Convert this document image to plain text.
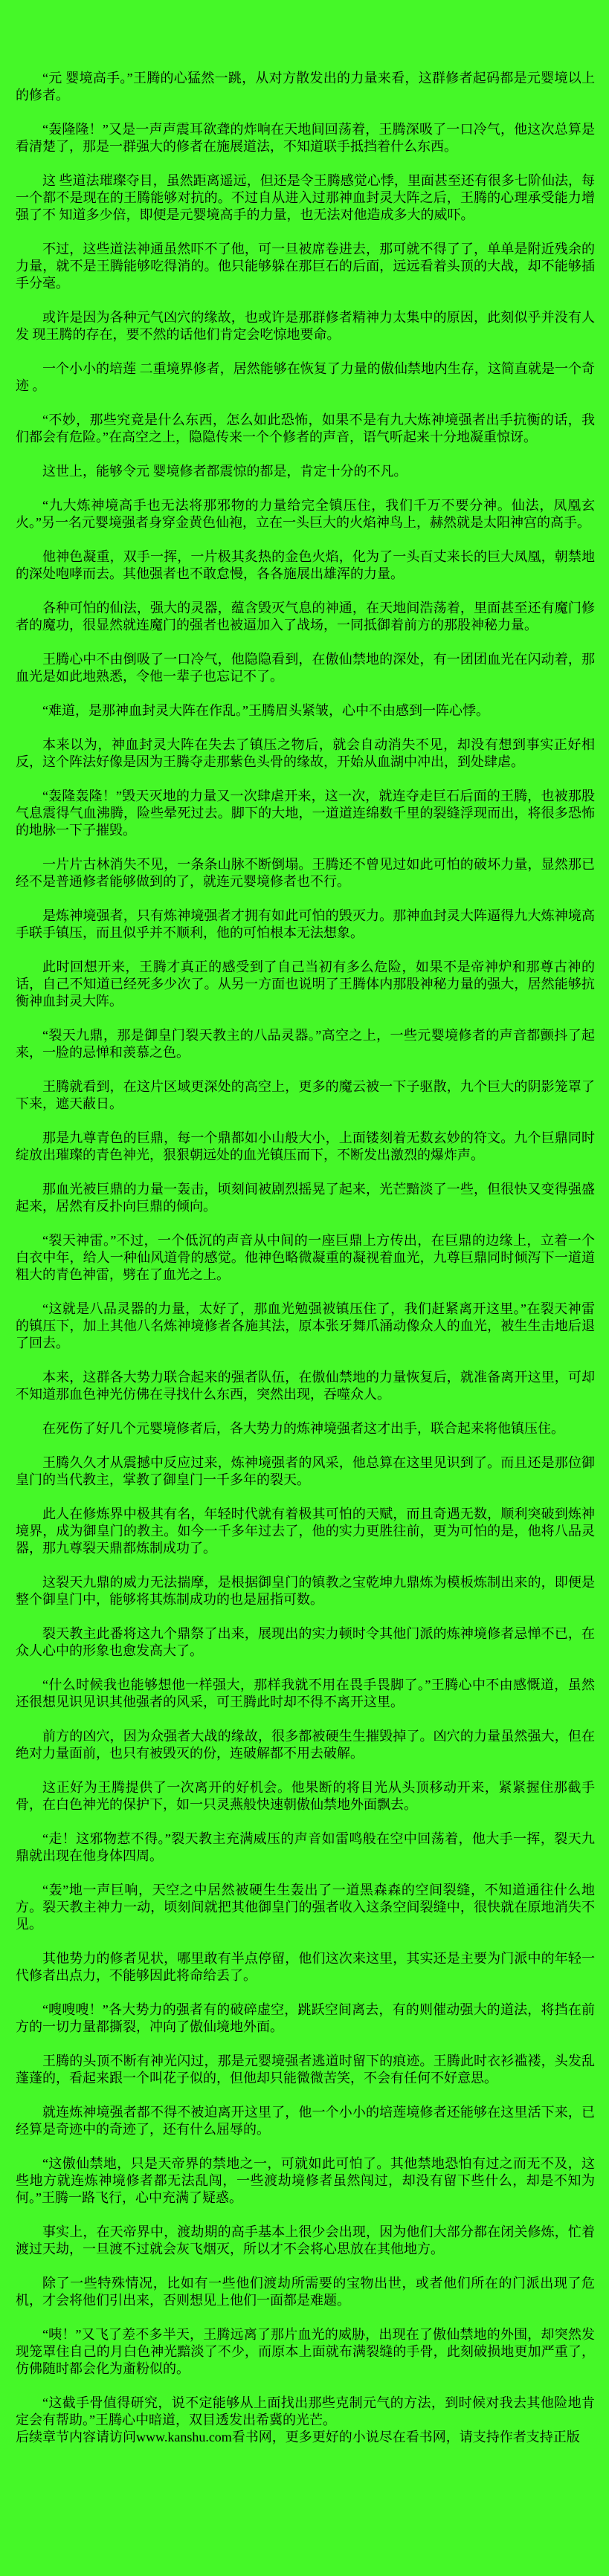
“元 婴境高手。”王腾的心猛然一跳，从对方散发出的力量来看，这群修者起码都是元婴境以上的修者。

“轰隆隆！”又是一声声震耳欲聋的炸响在天地间回荡着，王腾深吸了一口冷气，他这次总算是看清楚了，那是一群强大的修者在施展道法，不知道联手抵挡着什么东西。

这 些道法璀璨夺目，虽然距离遥远，但还是令王腾感觉心悸，里面甚至还有很多七阶仙法，每一个都不是现在的王腾能够对抗的。不过自从进入过那神血封灵大阵之后，王腾的心理承受能力增强了不 知道多少倍，即便是元婴境高手的力量，也无法对他造成多大的威吓。

不过，这些道法神通虽然吓不了他，可一旦被席卷进去，那可就不得了了，单单是附近残余的力量，就不是王腾能够吃得消的。他只能够躲在那巨石的后面，远远看着头顶的大战，却不能够插手分毫。

或许是因为各种元气凶穴的缘故，也或许是那群修者精神力太集中的原因，此刻似乎并没有人发 现王腾的存在，要不然的话他们肯定会吃惊地要命。

一个小小的培莲 二重境界修者，居然能够在恢复了力量的傲仙禁地内生存，这简直就是一个奇迹 。

“不妙，那些究竟是什么东西，怎么如此恐怖，如果不是有九大炼神境强者出手抗衡的话，我 们都会有危险。”在高空之上，隐隐传来一个个修者的声音，语气听起来十分地凝重惊讶。

这世上，能够令元 婴境修者都震惊的都是，肯定十分的不凡。

“九大炼神境高手也无法将那邪物的力量给完全镇压住，我们千万不要分神。仙法，凤凰玄火。”另一名元婴境强者身穿金黄色仙袍，立在一头巨大的火焰神鸟上，赫然就是太阳神宫的高手。

他神色凝重，双手一挥，一片极其炙热的金色火焰，化为了一头百丈来长的巨大凤凰，朝禁地的深处咆哮而去。其他强者也不敢怠慢，各各施展出雄浑的力量。

各种可怕的仙法，强大的灵器，蕴含毁灭气息的神通，在天地间浩荡着，里面甚至还有魔门修者的魔功，很显然就连魔门的强者也被逼加入了战场，一同抵御着前方的那股神秘力量。

王腾心中不由倒吸了一口冷气，他隐隐看到，在傲仙禁地的深处，有一团团血光在闪动着，那血光是如此地熟悉，令他一辈子也忘记不了。

“难道，是那神血封灵大阵在作乱。”王腾眉头紧皱，心中不由感到一阵心悸。

本来以为，神血封灵大阵在失去了镇压之物后，就会自动消失不见，却没有想到事实正好相反，这个阵法好像是因为王腾夺走那紫色头骨的缘故，开始从血湖中冲出，到处肆虐。

“轰隆轰隆！”毁天灭地的力量又一次肆虐开来，这一次，就连夺走巨石后面的王腾，也被那股气息震得气血沸腾，险些晕死过去。脚下的大地，一道道连绵数千里的裂缝浮现而出，将很多恐怖的地脉一下子摧毁。

一片片古林消失不见，一条条山脉不断倒塌。王腾还不曾见过如此可怕的破坏力量，显然那已经不是普通修者能够做到的了，就连元婴境修者也不行。

是炼神境强者，只有炼神境强者才拥有如此可怕的毁灭力。那神血封灵大阵逼得九大炼神境高手联手镇压，而且似乎并不顺利，他的可怕根本无法想象。

此时回想开来，王腾才真正的感受到了自己当初有多么危险，如果不是帝神炉和那尊古神的话，自己不知道已经死多少次了。从另一方面也说明了王腾体内那股神秘力量的强大，居然能够抗衡神血封灵大阵。

“裂天九鼎，那是御皇门裂天教主的八品灵器。”高空之上，一些元婴境修者的声音都颤抖了起来，一脸的忌惮和羡慕之色。

王腾就看到，在这片区域更深处的高空上，更多的魔云被一下子驱散，九个巨大的阴影笼罩了下来，遮天蔽日。

那是九尊青色的巨鼎，每一个鼎都如小山般大小，上面镂刻着无数玄妙的符文。九个巨鼎同时绽放出璀璨的青色神光，狠狠朝远处的血光镇压而下，不断发出激烈的爆炸声。

那血光被巨鼎的力量一轰击，顷刻间被剧烈摇晃了起来，光芒黯淡了一些，但很快又变得强盛起来，居然有反扑向巨鼎的倾向。

“裂天神雷。”不过，一个低沉的声音从中间的一座巨鼎上方传出，在巨鼎的边缘上，立着一个白衣中年，给人一种仙风道骨的感觉。他神色略微凝重的凝视着血光，九尊巨鼎同时倾泻下一道道粗大的青色神雷，劈在了血光之上。

“这就是八品灵器的力量，太好了，那血光勉强被镇压住了，我们赶紧离开这里。”在裂天神雷的镇压下，加上其他八名炼神境修者各施其法，原本张牙舞爪涌动像众人的血光，被生生击地后退了回去。

本来，这群各大势力联合起来的强者队伍，在傲仙禁地的力量恢复后，就准备离开这里，可却不知道那血色神光仿佛在寻找什么东西，突然出现，吞噬众人。

在死伤了好几个元婴境修者后，各大势力的炼神境强者这才出手，联合起来将他镇压住。

王腾久久才从震撼中反应过来，炼神境强者的风采，他总算在这里见识到了。而且还是那位御皇门的当代教主，掌教了御皇门一千多年的裂天。

此人在修炼界中极其有名，年轻时代就有着极其可怕的天赋，而且奇遇无数，顺利突破到炼神境界，成为御皇门的教主。如今一千多年过去了，他的实力更胜往前，更为可怕的是，他将八品灵器，那九尊裂天鼎都炼制成功了。

这裂天九鼎的威力无法揣摩，是根据御皇门的镇教之宝乾坤九鼎炼为模板炼制出来的，即便是整个御皇门中，能够将其炼制成功的也是屈指可数。

裂天教主此番将这九个鼎祭了出来，展现出的实力顿时令其他门派的炼神境修者忌惮不已，在众人心中的形象也愈发高大了。

“什么时候我也能够想他一样强大，那样我就不用在畏手畏脚了。”王腾心中不由感慨道，虽然还很想见识见识其他强者的风采，可王腾此时却不得不离开这里。

前方的凶穴，因为众强者大战的缘故，很多都被硬生生摧毁掉了。凶穴的力量虽然强大，但在绝对力量面前，也只有被毁灭的份，连破解都不用去破解。

这正好为王腾提供了一次离开的好机会。他果断的将目光从头顶移动开来，紧紧握住那截手骨，在白色神光的保护下，如一只灵燕般快速朝傲仙禁地外面飘去。

“走！这邪物惹不得。”裂天教主充满威压的声音如雷鸣般在空中回荡着，他大手一挥，裂天九鼎就出现在他身体四周。

“轰”地一声巨响，天空之中居然被硬生生轰出了一道黑森森的空间裂缝，不知道通往什么地方。裂天教主神力一动，顷刻间就把其他御皇门的强者收入这条空间裂缝中，很快就在原地消失不见。

其他势力的修者见状，哪里敢有半点停留，他们这次来这里，其实还是主要为门派中的年轻一代修者出点力，不能够因此将命给丢了。

“嗖嗖嗖！”各大势力的强者有的破碎虚空，跳跃空间离去，有的则催动强大的道法，将挡在前方的一切力量都撕裂，冲向了傲仙境地外面。

王腾的头顶不断有神光闪过，那是元婴境强者逃道时留下的痕迹。王腾此时衣衫褴褛，头发乱蓬蓬的，看起来跟一个叫花子似的，但他却只能微微苦笑，不会有任何不好意思。

就连炼神境强者都不得不被迫离开这里了，他一个小小的培莲境修者还能够在这里活下来，已经算是奇迹中的奇迹了，还有什么屈辱的。

“这傲仙禁地，只是天帝界的禁地之一，可就如此可怕了。其他禁地恐怕有过之而无不及，这些地方就连炼神境修者都无法乱闯，一些渡劫境修者虽然闯过，却没有留下些什么，却是不知为何。”王腾一路飞行，心中充满了疑惑。

事实上，在天帝界中，渡劫期的高手基本上很少会出现，因为他们大部分都在闭关修炼，忙着渡过天劫，一旦渡不过就会灰飞烟灭，所以才不会将心思放在其他地方。

除了一些特殊情况，比如有一些他们渡劫所需要的宝物出世，或者他们所在的门派出现了危机，才会将他们引出来，否则想见上他们一面都是难题。

“咦！”又飞了差不多半天，王腾远离了那片血光的威胁，出现在了傲仙禁地的外围，却突然发现笼罩住自己的月白色神光黯淡了不少，而原本上面就布满裂缝的手骨，此刻破损地更加严重了，仿佛随时都会化为齑粉似的。

“这截手骨值得研究，说不定能够从上面找出那些克制元气的方法，到时候对我去其他险地肯定会有帮助。”王腾心中暗道，双目透发出希冀的光芒。

后续章节内容请访问www.kanshu.com看书网，更多更好的小说尽在看书网，请支持作者支持正版
